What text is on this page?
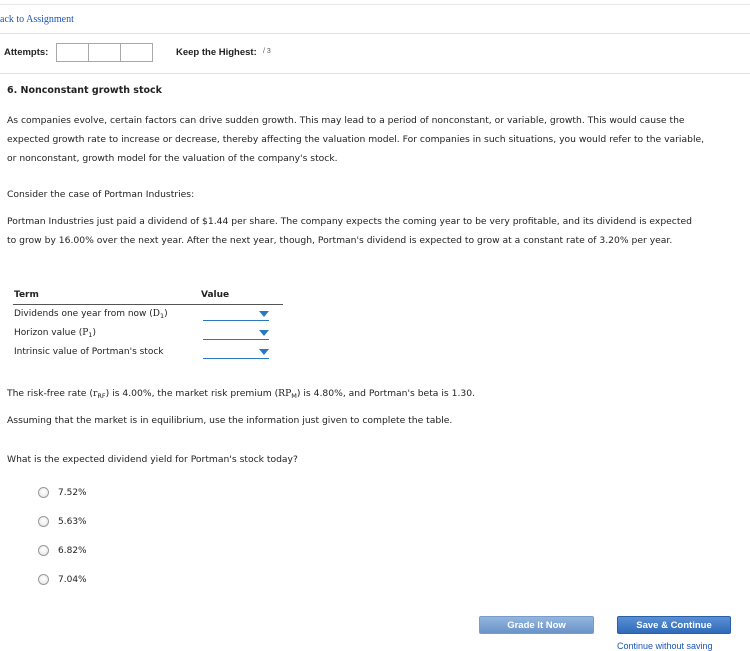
ack to Assignment
Attempts:	Keep the Highest: / 3
6. Nonconstant growth stock

As companies evolve, certain factors can drive sudden growth. This may lead to a period of nonconstant, or variable, growth. This would cause the
expected growth rate to increase or decrease, thereby affecting the valuation model. For companies in such situations, you would refer to the variable,
or nonconstant, growth model for the valuation of the company's stock.

Consider the case of Portman Industries:

Portman Industries just paid a dividend of $1.44 per share. The company expects the coming year to be very profitable, and its dividend is expected
to grow by 16.00% over the next year. After the next year, though, Portman's dividend is expected to grow at a constant rate of 3.20% per year.

Term	Value
Dividends one year from now $(D_1)$
Horizon value $(P_1)$
Intrinsic value of Portman's stock

The risk-free rate $(r_{RF})$ is 4.00%, the market risk premium $(RP_M)$ is 4.80%, and Portman's beta is 1.30.

Assuming that the market is in equilibrium, use the information just given to complete the table.

What is the expected dividend yield for Portman's stock today?

7.52%
5.63%
6.82%
7.04%
Grade It Now	Save & Continue
Continue without saving
